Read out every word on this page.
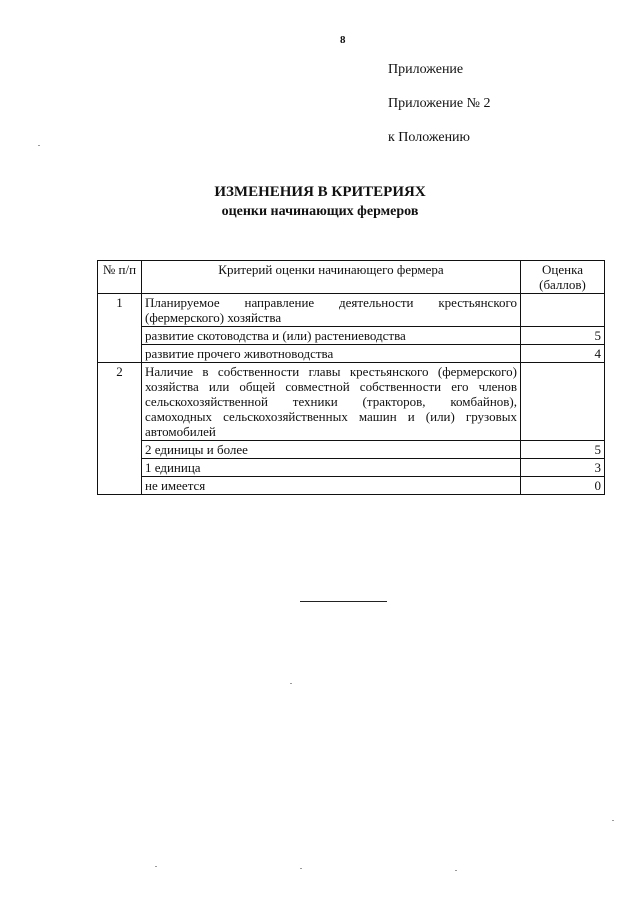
8
Приложение
Приложение № 2
к Положению
ИЗМЕНЕНИЯ В КРИТЕРИЯХ
оценки начинающих фермеров
№ п/п	Критерий оценки начинающего фермера	Оценка (баллов)
1	Планируемое направление деятельности крестьянского (фермерского) хозяйства	
	развитие скотоводства и (или) растениеводства	5
	развитие прочего животноводства	4
2	Наличие в собственности главы крестьянского (фермерского) хозяйства или общей совместной собственности его членов сельскохозяйственной техники (тракторов, комбайнов), самоходных сельскохозяйственных машин и (или) грузовых автомобилей	
	2 единицы и более	5
	1 единица	3
	не имеется	0
